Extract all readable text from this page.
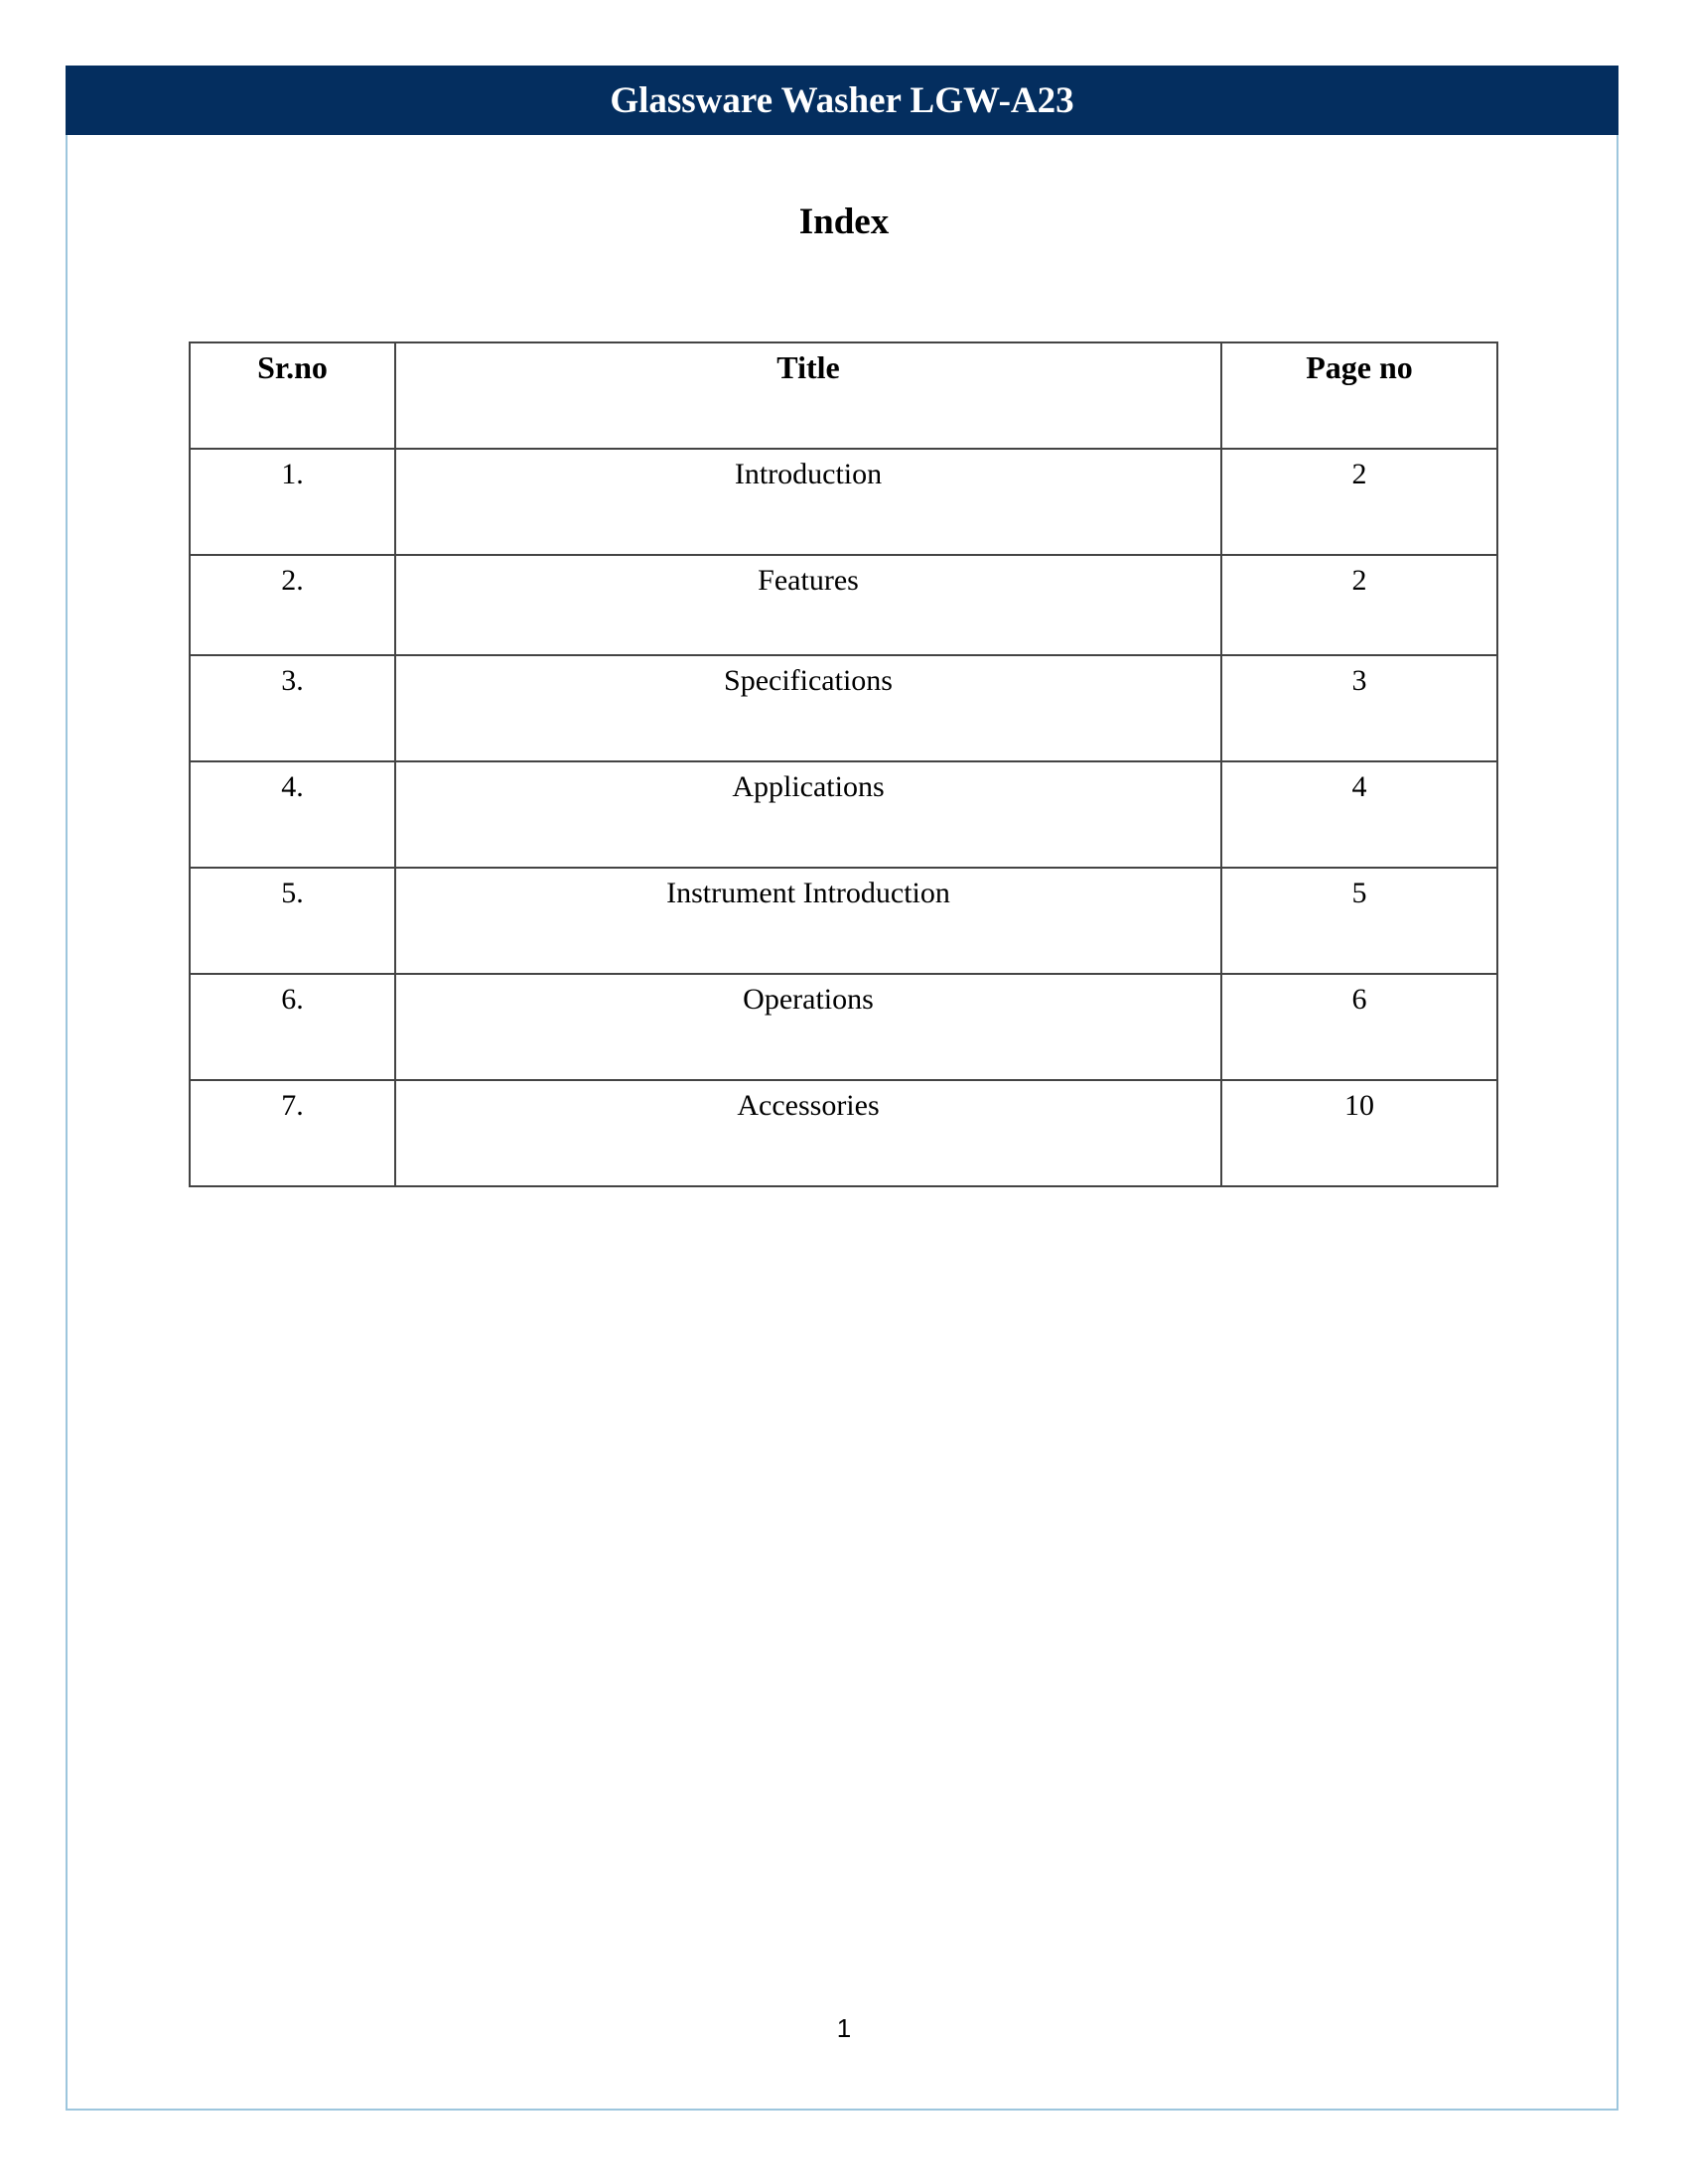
Glassware Washer LGW-A23
Index
Sr.no	Title	Page no
1.	Introduction	2
2.	Features	2
3.	Specifications	3
4.	Applications	4
5.	Instrument Introduction	5
6.	Operations	6
7.	Accessories	10
1
